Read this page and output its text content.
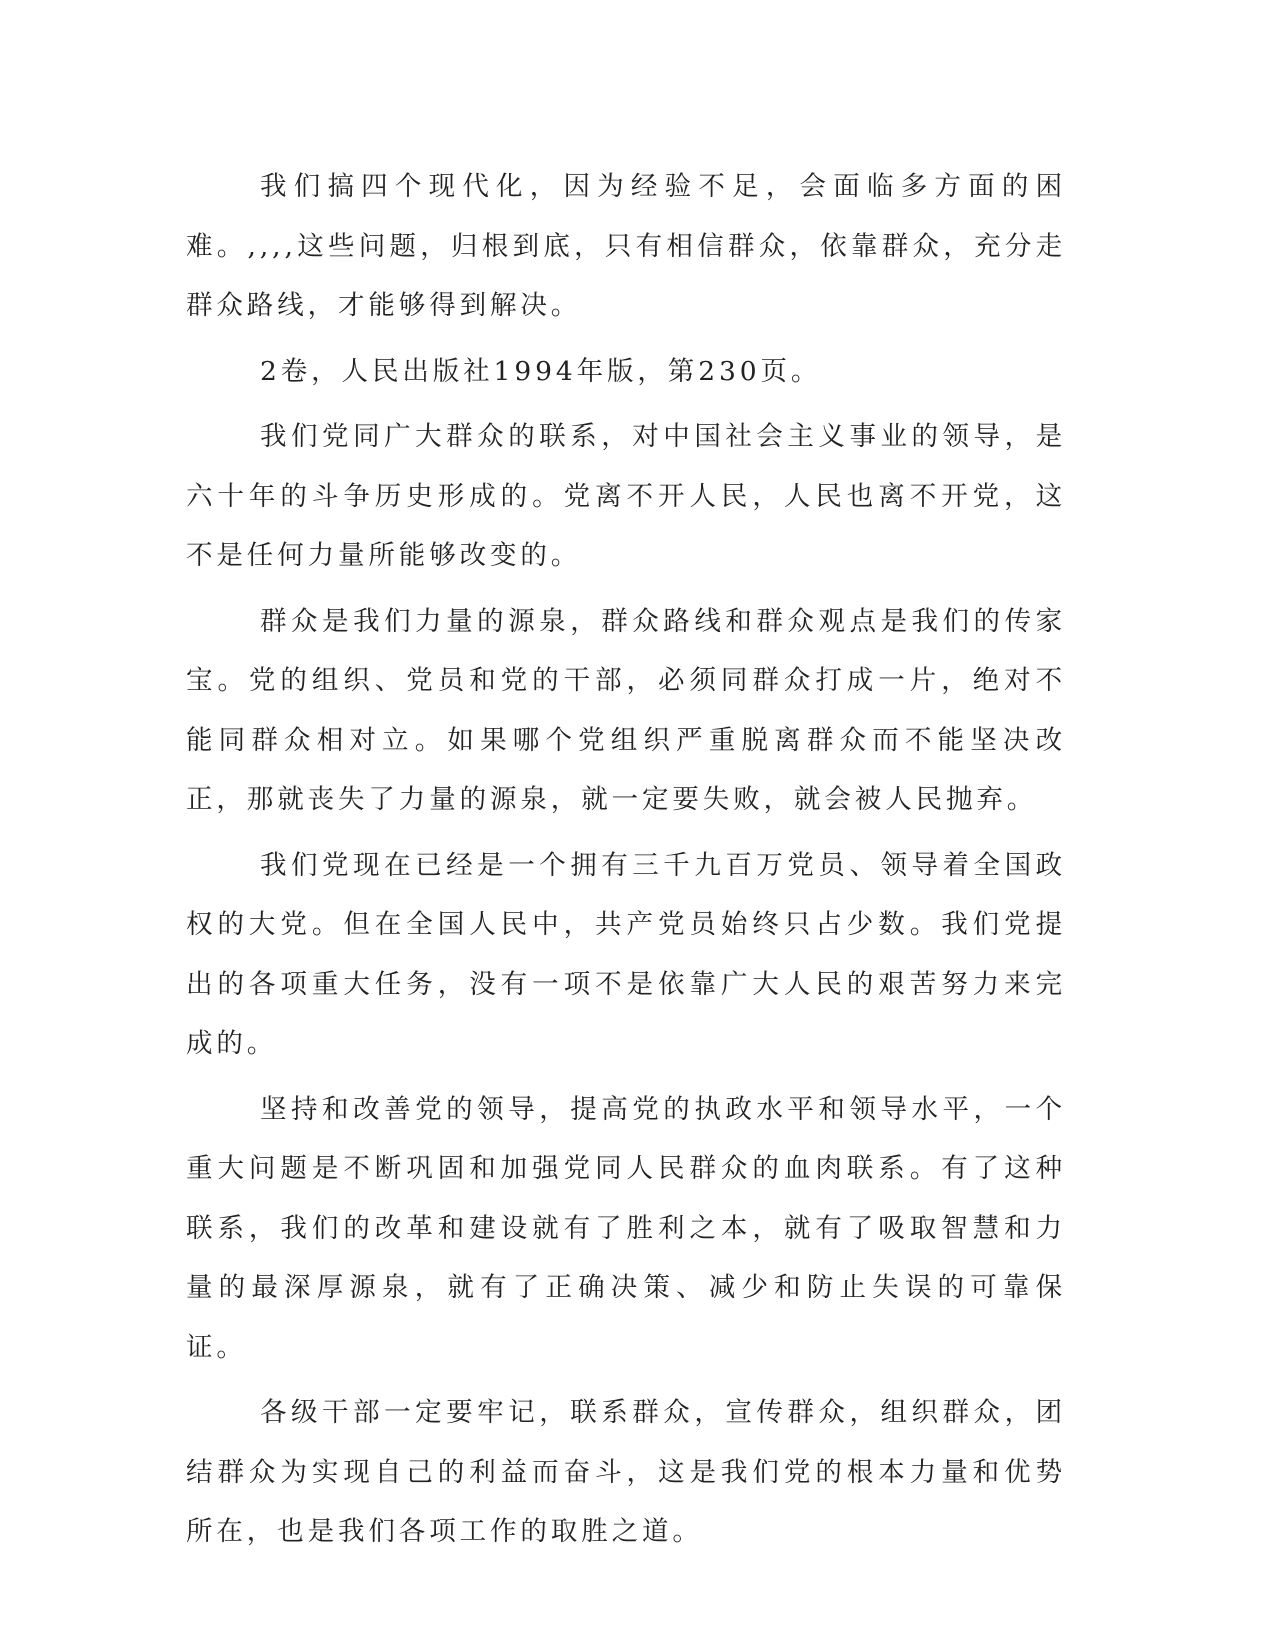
我们搞四个现代化，因为经验不足，会面临多方面的困难。,,,,这些问题，归根到底，只有相信群众，依靠群众，充分走群众路线，才能够得到解决。

2卷，人民出版社1994年版，第230页。

我们党同广大群众的联系，对中国社会主义事业的领导，是六十年的斗争历史形成的。党离不开人民，人民也离不开党，这不是任何力量所能够改变的。

群众是我们力量的源泉，群众路线和群众观点是我们的传家宝。党的组织、党员和党的干部，必须同群众打成一片，绝对不能同群众相对立。如果哪个党组织严重脱离群众而不能坚决改正，那就丧失了力量的源泉，就一定要失败，就会被人民抛弃。

我们党现在已经是一个拥有三千九百万党员、领导着全国政权的大党。但在全国人民中，共产党员始终只占少数。我们党提出的各项重大任务，没有一项不是依靠广大人民的艰苦努力来完成的。

坚持和改善党的领导，提高党的执政水平和领导水平，一个重大问题是不断巩固和加强党同人民群众的血肉联系。有了这种联系，我们的改革和建设就有了胜利之本，就有了吸取智慧和力量的最深厚源泉，就有了正确决策、减少和防止失误的可靠保证。

各级干部一定要牢记，联系群众，宣传群众，组织群众，团结群众为实现自己的利益而奋斗，这是我们党的根本力量和优势所在，也是我们各项工作的取胜之道。
